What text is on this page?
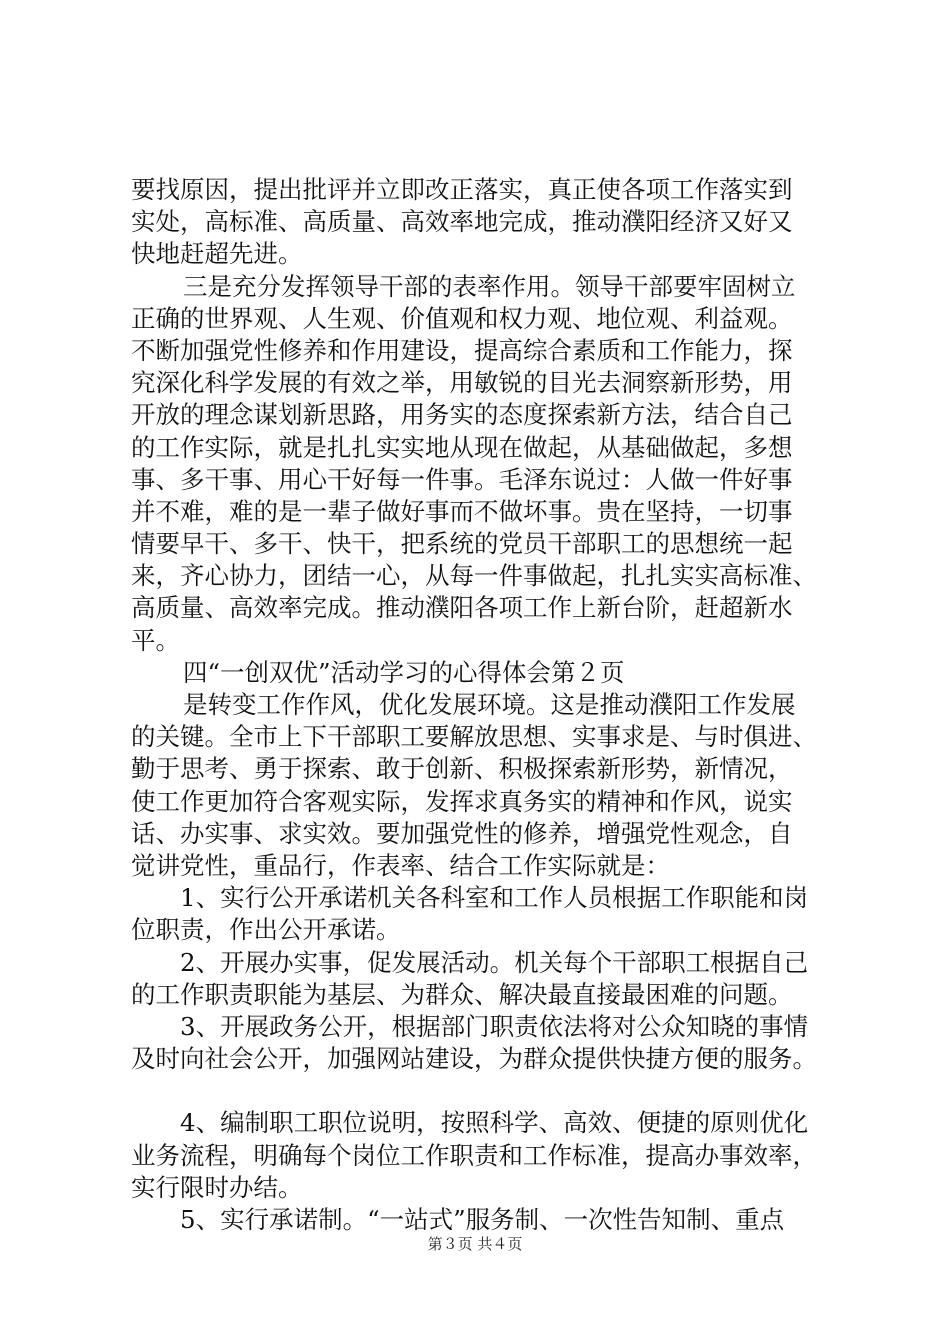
要找原因，提出批评并立即改正落实，真正使各项工作落实到
实处，高标准、高质量、高效率地完成，推动濮阳经济又好又
快地赶超先进。
三是充分发挥领导干部的表率作用。领导干部要牢固树立
正确的世界观、人生观、价值观和权力观、地位观、利益观。
不断加强党性修养和作用建设，提高综合素质和工作能力，探
究深化科学发展的有效之举，用敏锐的目光去洞察新形势，用
开放的理念谋划新思路，用务实的态度探索新方法，结合自己
的工作实际，就是扎扎实实地从现在做起，从基础做起，多想
事、多干事、用心干好每一件事。毛泽东说过：人做一件好事
并不难，难的是一辈子做好事而不做坏事。贵在坚持，一切事
情要早干、多干、快干，把系统的党员干部职工的思想统一起
来，齐心协力，团结一心，从每一件事做起，扎扎实实高标准、
高质量、高效率完成。推动濮阳各项工作上新台阶，赶超新水
平。
四“一创双优”活动学习的心得体会第２页
是转变工作作风，优化发展环境。这是推动濮阳工作发展
的关键。全市上下干部职工要解放思想、实事求是、与时俱进、
勤于思考、勇于探索、敢于创新、积极探索新形势，新情况，
使工作更加符合客观实际，发挥求真务实的精神和作风，说实
话、办实事、求实效。要加强党性的修养，增强党性观念，自
觉讲党性，重品行，作表率、结合工作实际就是：
1、实行公开承诺机关各科室和工作人员根据工作职能和岗
位职责，作出公开承诺。
2、开展办实事，促发展活动。机关每个干部职工根据自己
的工作职责职能为基层、为群众、解决最直接最困难的问题。
3、开展政务公开，根据部门职责依法将对公众知晓的事情
及时向社会公开，加强网站建设，为群众提供快捷方便的服务。
4、编制职工职位说明，按照科学、高效、便捷的原则优化
业务流程，明确每个岗位工作职责和工作标准，提高办事效率，
实行限时办结。
5、实行承诺制。“一站式”服务制、一次性告知制、重点
第３页 共４页
